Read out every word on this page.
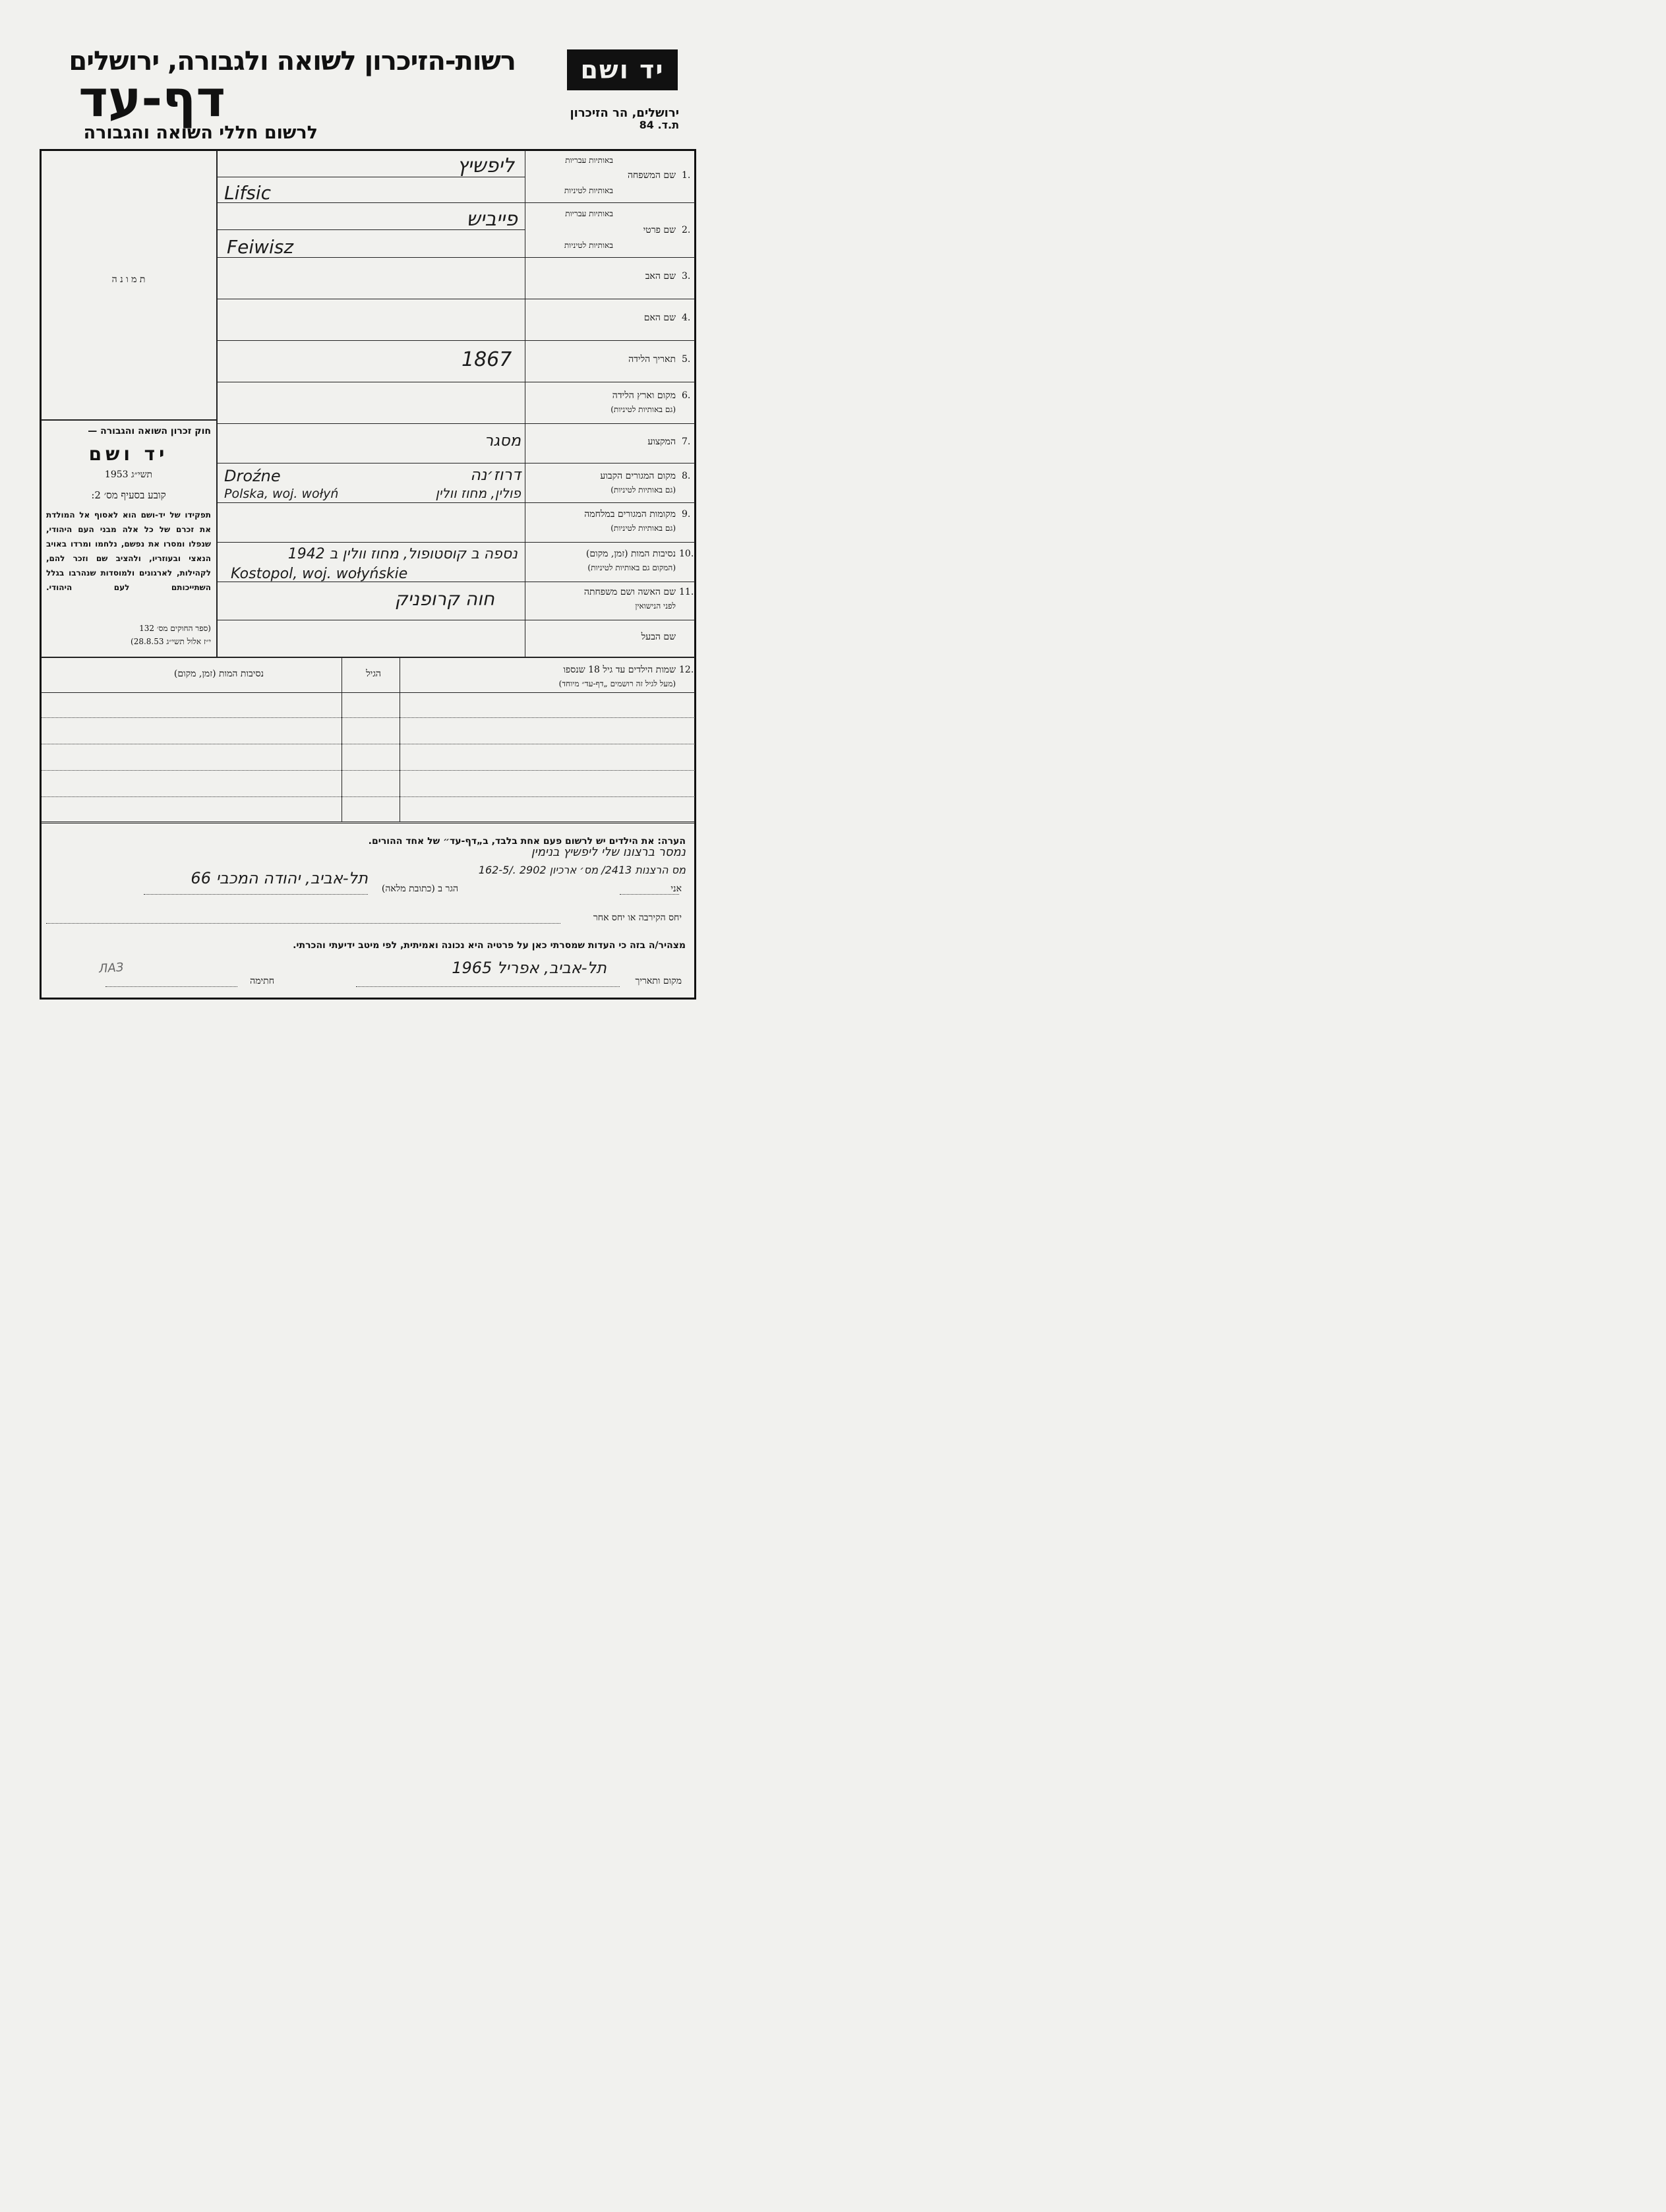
רשות-הזיכרון לשואה ולגבורה, ירושלים
דף-עד
לרשום חללי השואה והגבורה
יד ושם
ירושלים, הר הזיכרון
ת.ד. 84
ת מ ו נ ה
חוק זכרון השואה והגבורה —
יד ושם
תשי״ג 1953
קובע בסעיף מס׳ 2:
תפקידו של יד-ושם הוא לאסוף אל המולדת את זכרם של כל אלה מבני העם היהודי, שנפלו ומסרו את נפשם, נלחמו ומרדו באויב הנאצי ובעוזריו, ולהציב שם וזכר להם, לקהילות, לארגונים ולמוסדות שנהרבו בגלל השתייכותם לעם היהודי.
(ספר החוקים מס׳ 132
י״ז אלול תשי״ג 28.8.53)
1.
שם המשפחה
באותיות עבריות
באותיות לטיניות
2.
שם פרטי
באותיות עבריות
באותיות לטיניות
3.
שם האב
4.
שם האם
5.
תאריך הלידה
6.
מקום וארץ הלידה
(גם באותיות לטיניות)
7.
המקצוע
8.
מקום המגורים הקבוע
(גם באותיות לטיניות)
9.
מקומות המגורים במלחמה
(גם באותיות לטיניות)
10.
נסיבות המות (זמן, מקום)
(המקום גם באותיות לטיניות)
11.
שם האשה ושם משפחתה
לפני הנישואין
שם הבעל
ליפשיץ
Lifsic
פייביש
Feiwisz
1867
מסגר
Droźne	דרוז׳נה
Polska, woj. wołyń	פולין, מחוז וולין
נספה ב קוסטופול, מחוז וולין ב 1942
Kostopol, woj. wołyńskie
חוה קרופניק
12.
שמות הילדים עד גיל 18 שנספו
(מעל לגיל זה רושמים „דף-עד״ מיוחד)
הגיל
נסיבות המות (זמן, מקום)
הערה: את הילדים יש לרשום פעם אחת בלבד, ב„דף-עד״ של אחד ההורים.
נמסר ברצונו שלי ליפשיץ בנימין
מס הרצנות 2413/ מס׳ ארכיון 2902 ./162-5
אני
הגר ב (כתובת מלאה)
תל-אביב, יהודה המכבי 66
יחס הקירבה או יחס אחר
מצהיר/ה בזה כי העדות שמסרתי כאן על פרטיה היא נכונה ואמיתית, לפי מיטב ידיעתי והכרתי.
מקום ותאריך
תל-אביב, אפריל 1965
חתימה
ЛАЗ
